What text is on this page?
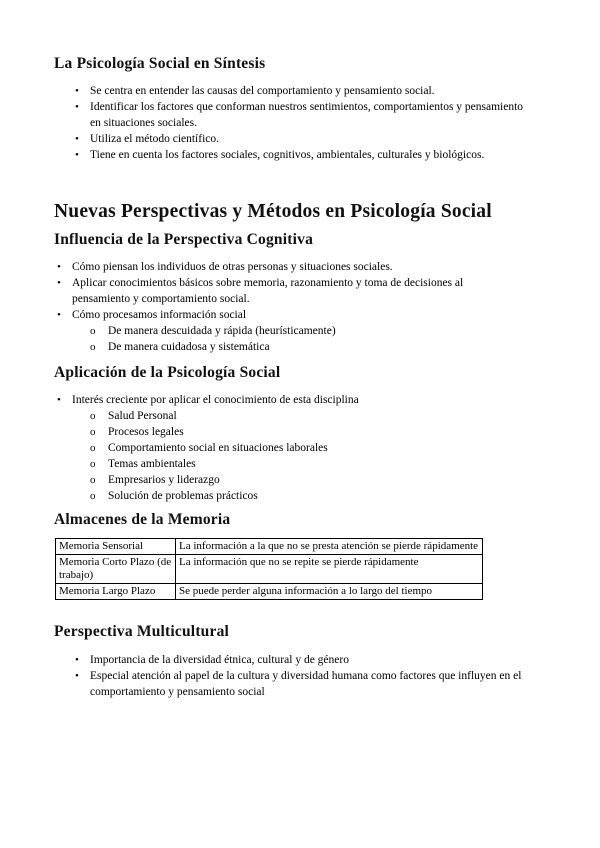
La Psicología Social en Síntesis
• Se centra en entender las causas del comportamiento y pensamiento social.
• Identificar los factores que conforman nuestros sentimientos, comportamientos y pensamiento en situaciones sociales.
• Utiliza el método científico.
• Tiene en cuenta los factores sociales, cognitivos, ambientales, culturales y biológicos.
Nuevas Perspectivas y Métodos en Psicología Social
Influencia de la Perspectiva Cognitiva
• Cómo piensan los individuos de otras personas y situaciones sociales.
• Aplicar conocimientos básicos sobre memoria, razonamiento y toma de decisiones al pensamiento y comportamiento social.
• Cómo procesamos información social
o De manera descuidada y rápida (heurísticamente)
o De manera cuidadosa y sistemática
Aplicación de la Psicología Social
• Interés creciente por aplicar el conocimiento de esta disciplina
o Salud Personal
o Procesos legales
o Comportamiento social en situaciones laborales
o Temas ambientales
o Empresarios y liderazgo
o Solución de problemas prácticos
Almacenes de la Memoria
Memoria Sensorial	La información a la que no se presta atención se pierde rápidamente
Memoria Corto Plazo (de trabajo)	La información que no se repite se pierde rápidamente
Memoria Largo Plazo	Se puede perder alguna información a lo largo del tiempo
Perspectiva Multicultural
• Importancia de la diversidad étnica, cultural y de género
• Especial atención al papel de la cultura y diversidad humana como factores que influyen en el comportamiento y pensamiento social
